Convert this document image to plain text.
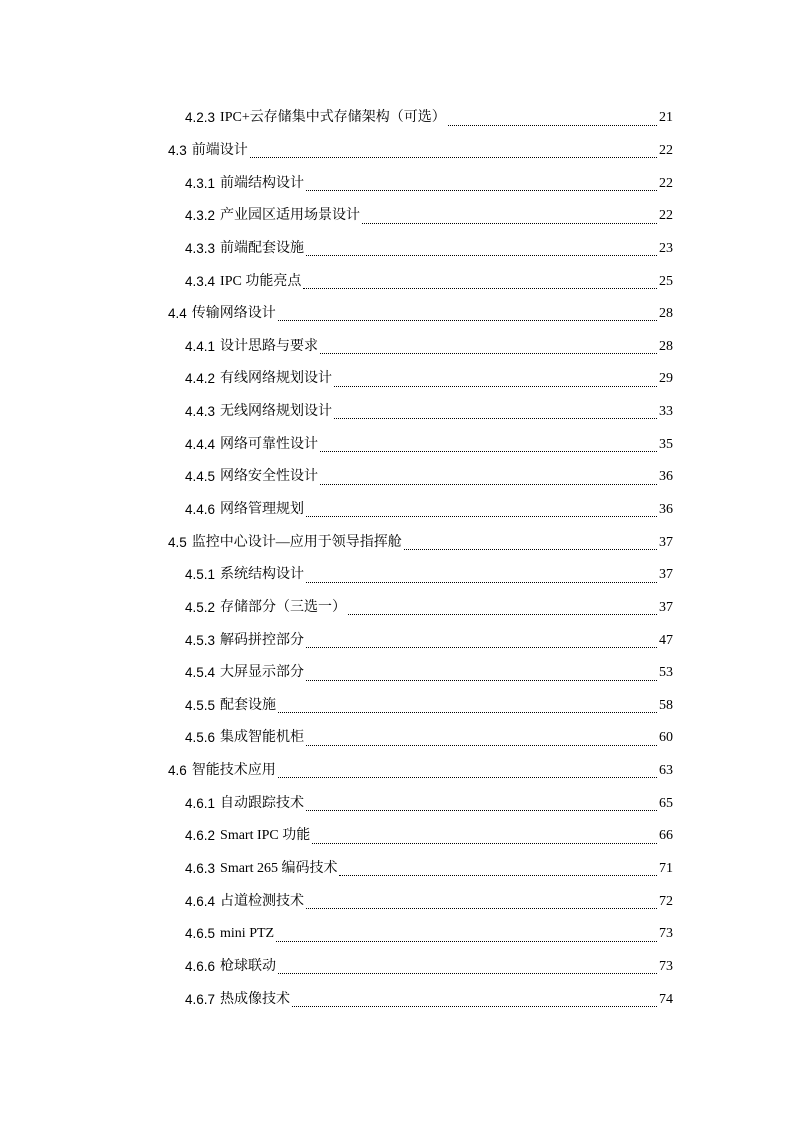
4.2.3 IPC+云存储集中式存储架构（可选）	21
4.3 前端设计	22
4.3.1 前端结构设计	22
4.3.2 产业园区适用场景设计	22
4.3.3 前端配套设施	23
4.3.4 IPC 功能亮点	25
4.4 传输网络设计	28
4.4.1 设计思路与要求	28
4.4.2 有线网络规划设计	29
4.4.3 无线网络规划设计	33
4.4.4 网络可靠性设计	35
4.4.5 网络安全性设计	36
4.4.6 网络管理规划	36
4.5 监控中心设计—应用于领导指挥舱	37
4.5.1 系统结构设计	37
4.5.2 存储部分（三选一）	37
4.5.3 解码拼控部分	47
4.5.4 大屏显示部分	53
4.5.5 配套设施	58
4.5.6 集成智能机柜	60
4.6 智能技术应用	63
4.6.1 自动跟踪技术	65
4.6.2 Smart IPC 功能	66
4.6.3 Smart 265 编码技术	71
4.6.4 占道检测技术	72
4.6.5 mini PTZ	73
4.6.6 枪球联动	73
4.6.7 热成像技术	74
